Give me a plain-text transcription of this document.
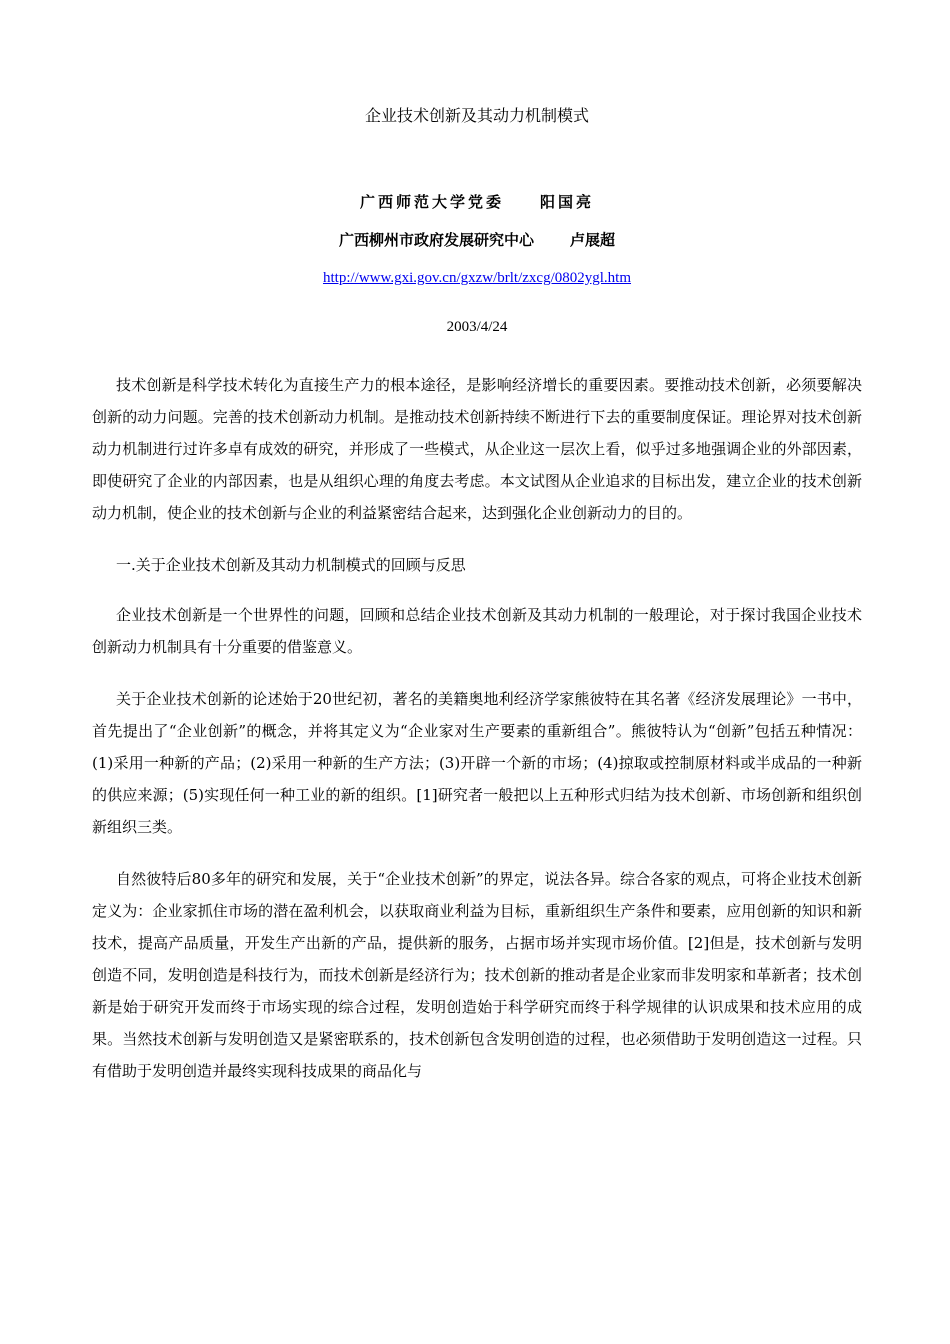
企业技术创新及其动力机制模式
广西师范大学党委 阳国亮
广西柳州市政府发展研究中心 卢展超
http://www.gxi.gov.cn/gxzw/brlt/zxcg/0802ygl.htm
2003/4/24

技术创新是科学技术转化为直接生产力的根本途径，是影响经济增长的重要因素。要推动技术创新，必须要解决创新的动力问题。完善的技术创新动力机制。是推动技术创新持续不断进行下去的重要制度保证。理论界对技术创新动力机制进行过许多卓有成效的研究，并形成了一些模式，从企业这一层次上看，似乎过多地强调企业的外部因素，即使研究了企业的内部因素，也是从组织心理的角度去考虑。本文试图从企业追求的目标出发，建立企业的技术创新动力机制，使企业的技术创新与企业的利益紧密结合起来，达到强化企业创新动力的目的。

一.关于企业技术创新及其动力机制模式的回顾与反思

企业技术创新是一个世界性的问题，回顾和总结企业技术创新及其动力机制的一般理论，对于探讨我国企业技术创新动力机制具有十分重要的借鉴意义。

关于企业技术创新的论述始于20世纪初，著名的美籍奥地利经济学家熊彼特在其名著《经济发展理论》一书中，首先提出了“企业创新”的概念，并将其定义为“企业家对生产要素的重新组合”。熊彼特认为“创新”包括五种情况：(1)采用一种新的产品；(2)采用一种新的生产方法；(3)开辟一个新的市场；(4)掠取或控制原材料或半成品的一种新的供应来源；(5)实现任何一种工业的新的组织。[1]研究者一般把以上五种形式归结为技术创新、市场创新和组织创新组织三类。

自然彼特后80多年的研究和发展，关于“企业技术创新”的界定，说法各异。综合各家的观点，可将企业技术创新定义为：企业家抓住市场的潜在盈利机会，以获取商业利益为目标，重新组织生产条件和要素，应用创新的知识和新技术，提高产品质量，开发生产出新的产品，提供新的服务，占据市场并实现市场价值。[2]但是，技术创新与发明创造不同，发明创造是科技行为，而技术创新是经济行为；技术创新的推动者是企业家而非发明家和革新者；技术创新是始于研究开发而终于市场实现的综合过程，发明创造始于科学研究而终于科学规律的认识成果和技术应用的成果。当然技术创新与发明创造又是紧密联系的，技术创新包含发明创造的过程，也必须借助于发明创造这一过程。只有借助于发明创造并最终实现科技成果的商品化与
